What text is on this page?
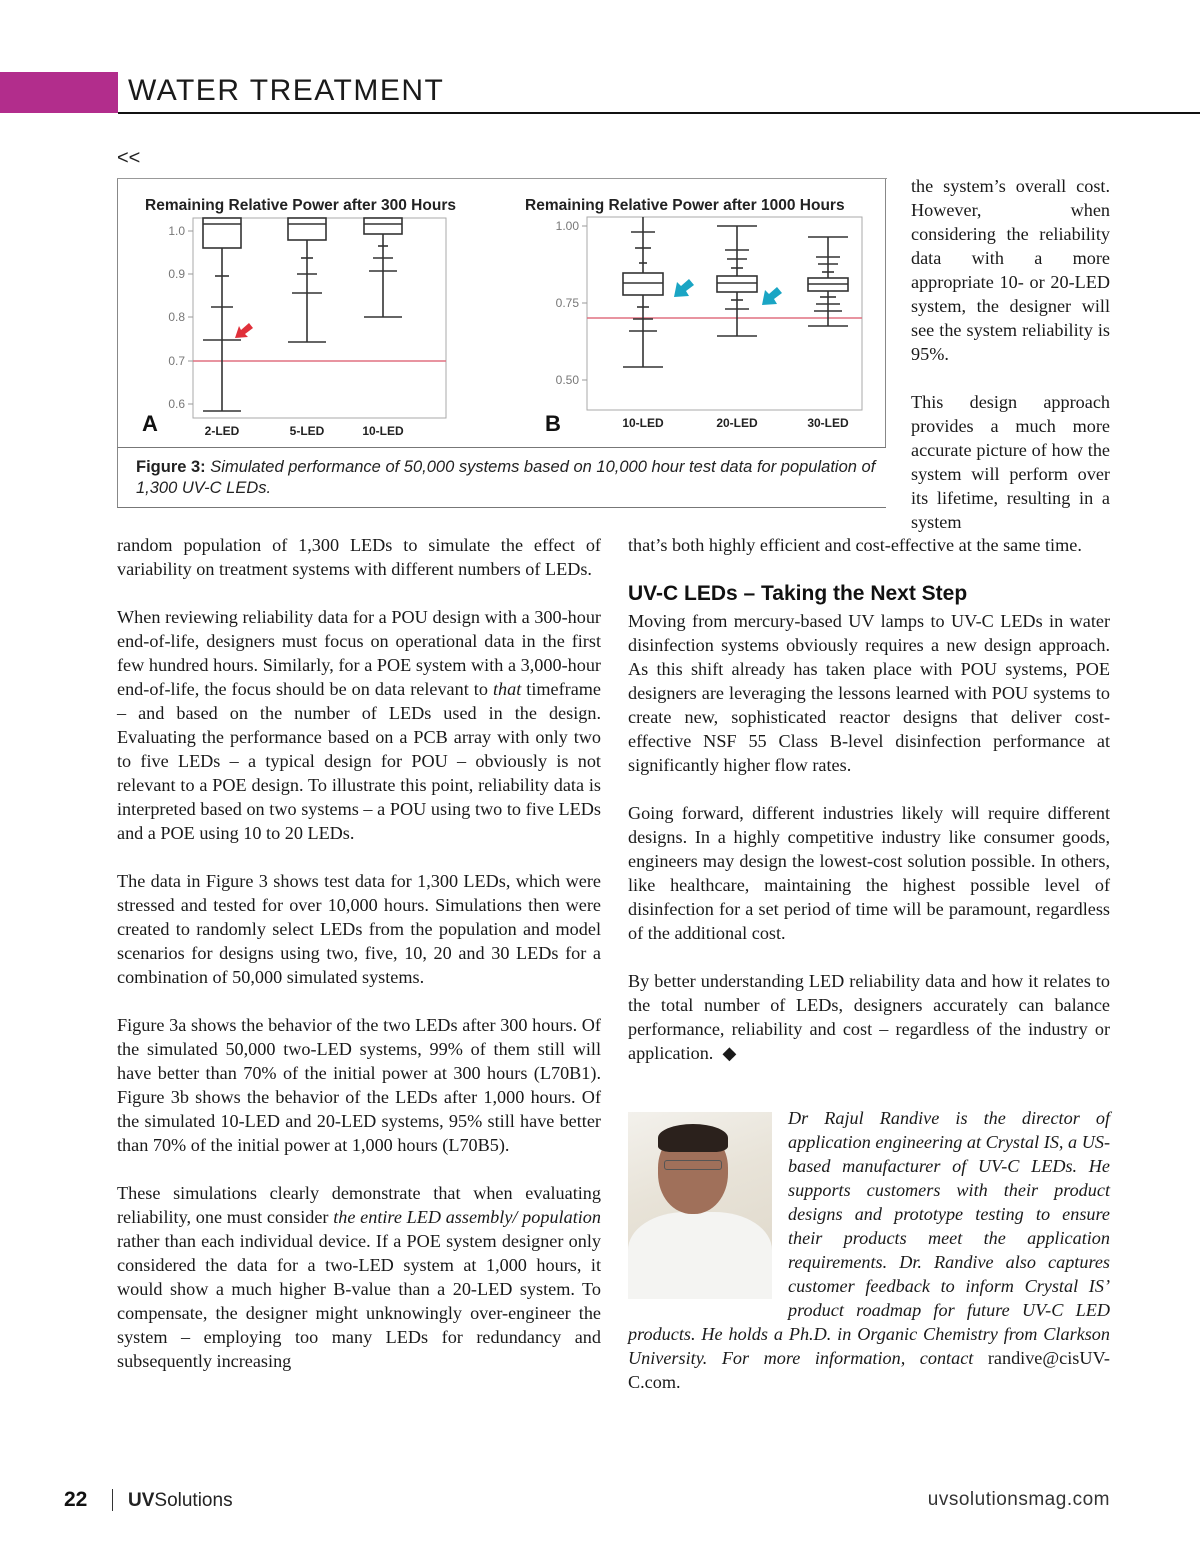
WATER TREATMENT
<<
Remaining Relative Power after 300 Hours
1.0
0.9
0.8
0.7
0.6
A	2-LED	5-LED	10-LED
Remaining Relative Power after 1000 Hours
1.00
0.75
0.50
B	10-LED	20-LED	30-LED
Figure 3: Simulated performance of 50,000 systems based on 10,000 hour test data for population of 1,300 UV-C LEDs.

the system’s overall cost. However, when considering the reliability data with a more appropriate 10- or 20-LED system, the designer will see the system reliability is 95%.

This design approach provides a much more accurate picture of how the system will perform over its lifetime, resulting in a system

random population of 1,300 LEDs to simulate the effect of variability on treatment systems with different numbers of LEDs.

When reviewing reliability data for a POU design with a 300-hour end-of-life, designers must focus on operational data in the first few hundred hours. Similarly, for a POE system with a 3,000-hour end-of-life, the focus should be on data relevant to that timeframe – and based on the number of LEDs used in the design. Evaluating the performance based on a PCB array with only two to five LEDs – a typical design for POU – obviously is not relevant to a POE design. To illustrate this point, reliability data is interpreted based on two systems – a POU using two to five LEDs and a POE using 10 to 20 LEDs.

The data in Figure 3 shows test data for 1,300 LEDs, which were stressed and tested for over 10,000 hours. Simulations then were created to randomly select LEDs from the population and model scenarios for designs using two, five, 10, 20 and 30 LEDs for a combination of 50,000 simulated systems.

Figure 3a shows the behavior of the two LEDs after 300 hours. Of the simulated 50,000 two-LED systems, 99% of them still will have better than 70% of the initial power at 300 hours (L70B1). Figure 3b shows the behavior of the LEDs after 1,000 hours. Of the simulated 10-LED and 20-LED systems, 95% still have better than 70% of the initial power at 1,000 hours (L70B5).

These simulations clearly demonstrate that when evaluating reliability, one must consider the entire LED assembly/ population rather than each individual device. If a POE system designer only considered the data for a two-LED system at 1,000 hours, it would show a much higher B-value than a 20-LED system. To compensate, the designer might unknowingly over-engineer the system – employing too many LEDs for redundancy and subsequently increasing

that’s both highly efficient and cost-effective at the same time.

UV-C LEDs – Taking the Next Step

Moving from mercury-based UV lamps to UV-C LEDs in water disinfection systems obviously requires a new design approach. As this shift already has taken place with POU systems, POE designers are leveraging the lessons learned with POU systems to create new, sophisticated reactor designs that deliver cost-effective NSF 55 Class B-level disinfection performance at significantly higher flow rates.

Going forward, different industries likely will require different designs. In a highly competitive industry like consumer goods, engineers may design the lowest-cost solution possible. In others, like healthcare, maintaining the highest possible level of disinfection for a set period of time will be paramount, regardless of the additional cost.

By better understanding LED reliability data and how it relates to the total number of LEDs, designers accurately can balance performance, reliability and cost – regardless of the industry or application. ◆

Dr Rajul Randive is the director of application engineering at Crystal IS, a US-based manufacturer of UV-C LEDs. He supports customers with their product designs and prototype testing to ensure their products meet the application requirements. Dr. Randive also captures customer feedback to inform Crystal IS’ product roadmap for future UV-C LED products. He holds a Ph.D. in Organic Chemistry from Clarkson University. For more information, contact randive@cisUV-C.com.
22 UVSolutions	uvsolutionsmag.com
